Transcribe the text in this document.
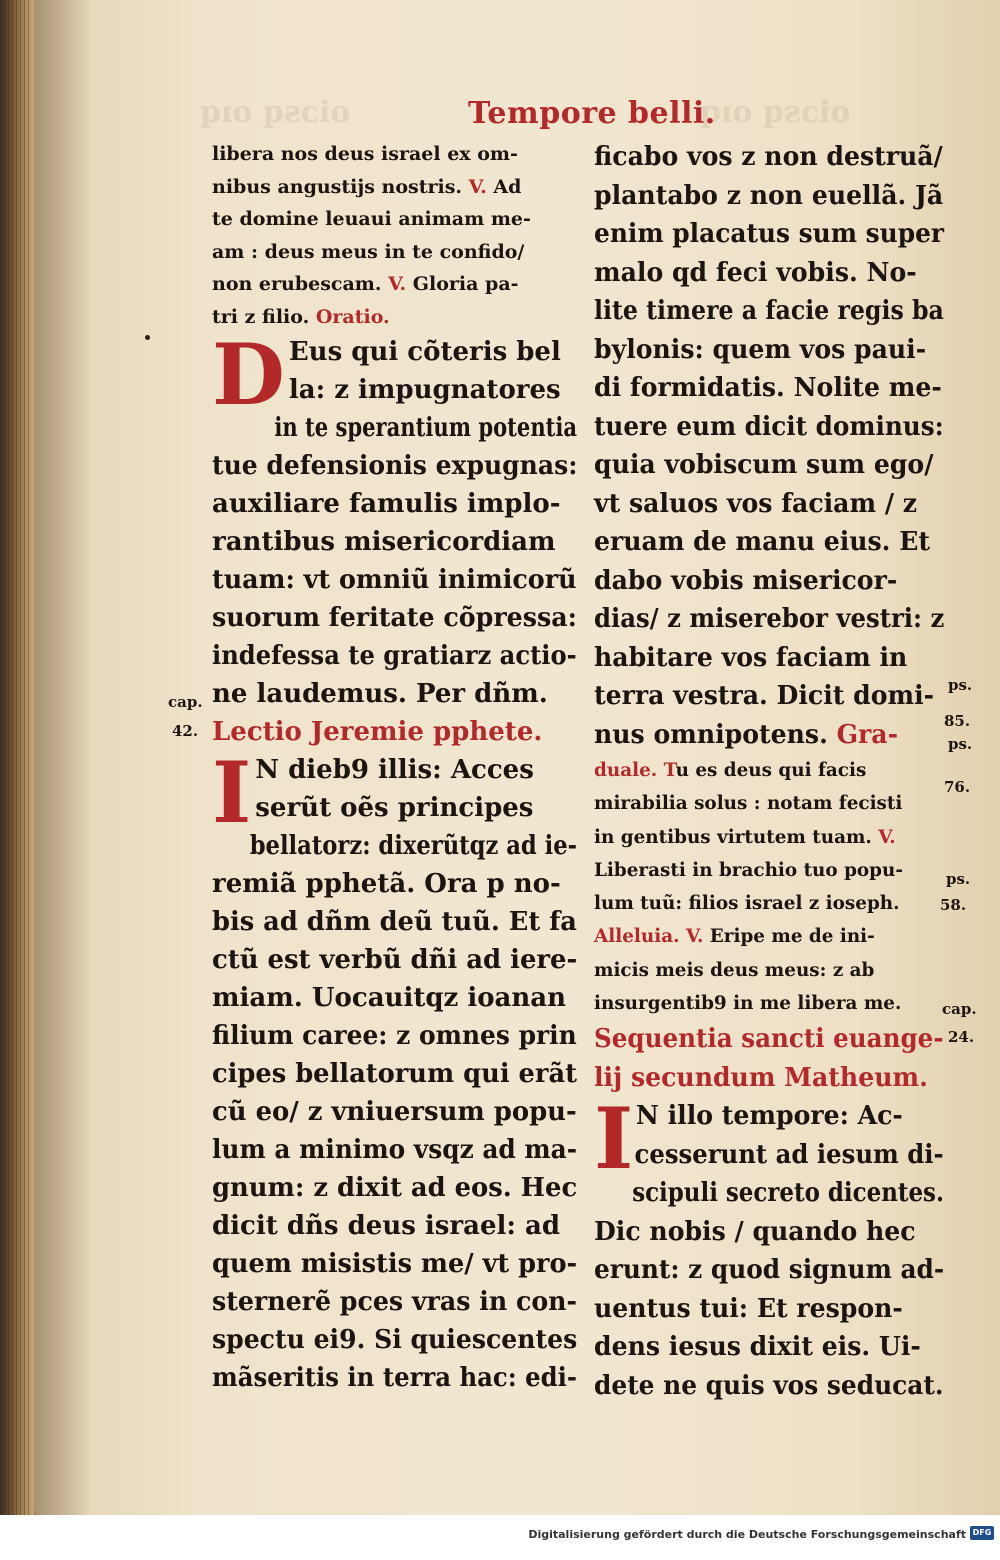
oiɔsq oıq	oiɔsq oıq
Tempore belli.
libera nos deus israel ex om-
nibus angustijs nostris. V. Ad
te domine leuaui animam me-
am : deus meus in te confido/
non erubescam. V. Gloria pa-
tri z filio. Oratio.
D Eus qui cõteris bel
la: z impugnatores
in te sperantium potentia
tue defensionis expugnas:
auxiliare famulis implo-
rantibus misericordiam
tuam: vt omniũ inimicorũ
suorum feritate cõpressa:
indefessa te gratiarz actio-
ne laudemus. Per dñm.
Lectio Jeremie pphete.
I N dieb9 illis: Acces
serũt oẽs principes
bellatorz: dixerũtqz ad ie-
remiã pphetã. Ora p no-
bis ad dñm deũ tuũ. Et fa
ctũ est verbũ dñi ad iere-
miam. Uocauitqz ioanan
filium caree: z omnes prin
cipes bellatorum qui erãt
cũ eo/ z vniuersum popu-
lum a minimo vsqz ad ma-
gnum: z dixit ad eos. Hec
dicit dñs deus israel: ad
quem misistis me/ vt pro-
sternerẽ pces vras in con-
spectu ei9. Si quiescentes
mãseritis in terra hac: edi-
ficabo vos z non destruã/
plantabo z non euellã. Jã
enim placatus sum super
malo qd feci vobis. No-
lite timere a facie regis ba
bylonis: quem vos paui-
di formidatis. Nolite me-
tuere eum dicit dominus:
quia vobiscum sum ego/
vt saluos vos faciam / z
eruam de manu eius. Et
dabo vobis misericor-
dias/ z miserebor vestri: z
habitare vos faciam in
terra vestra. Dicit domi-
nus omnipotens. Gra-
duale. Tu es deus qui facis
mirabilia solus : notam fecisti
in gentibus virtutem tuam. V.
Liberasti in brachio tuo popu-
lum tuũ: filios israel z ioseph.
Alleluia. V. Eripe me de ini-
micis meis deus meus: z ab
insurgentib9 in me libera me.
Sequentia sancti euange-
lij secundum Matheum.
I N illo tempore: Ac-
cesserunt ad iesum di-
scipuli secreto dicentes.
Dic nobis / quando hec
erunt: z quod signum ad-
uentus tui: Et respon-
dens iesus dixit eis. Ui-
dete ne quis vos seducat.
cap.
42.
ps.
85.
ps.
76.
ps.
58.
cap.
24.
Digitalisierung gefördert durch die Deutsche Forschungsgemeinschaft DFG
